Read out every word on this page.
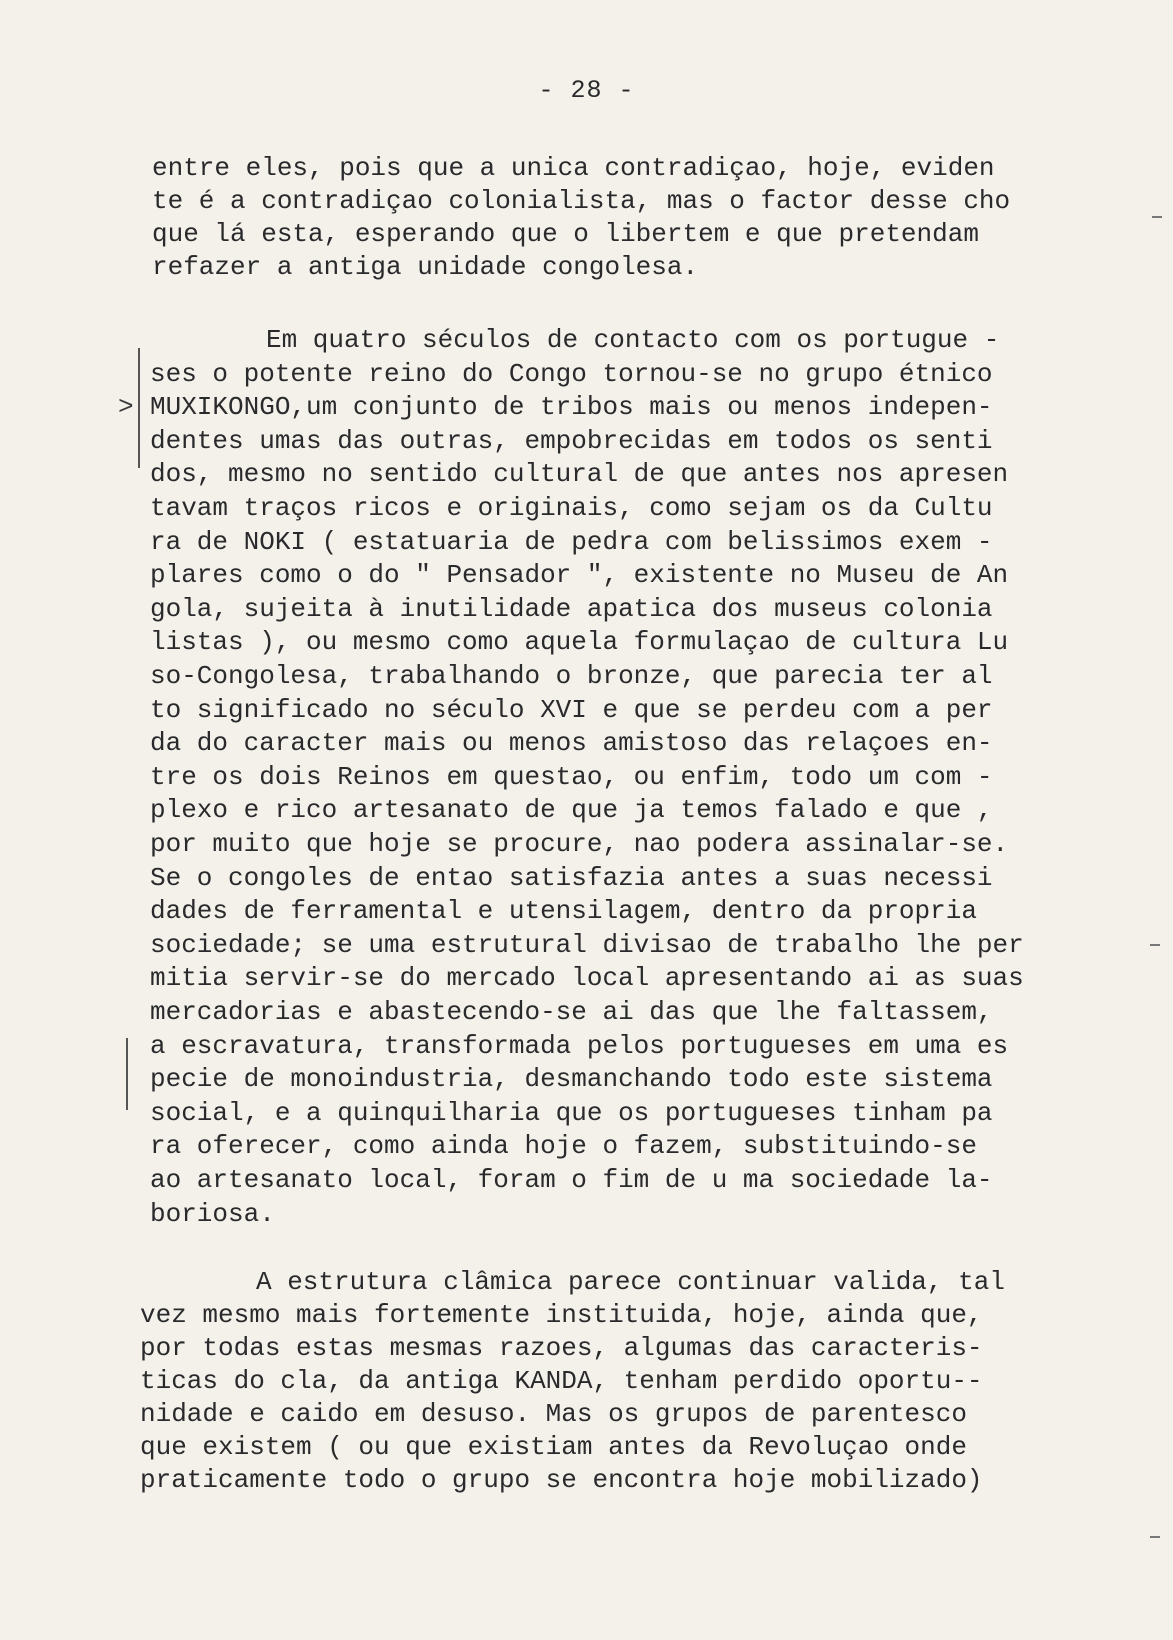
- 28 -
entre eles, pois que a unica contradiçao, hoje, eviden
te é a contradiçao colonialista, mas o factor desse cho
que lá esta, esperando que o libertem e que pretendam
refazer a antiga unidade congolesa.
Em quatro séculos de contacto com os portugue -
ses o potente reino do Congo tornou-se no grupo étnico
MUXIKONGO,um conjunto de tribos mais ou menos indepen-
dentes umas das outras, empobrecidas em todos os senti
dos, mesmo no sentido cultural de que antes nos apresen
tavam traços ricos e originais, como sejam os da Cultu
ra de NOKI ( estatuaria de pedra com belissimos exem -
plares como o do " Pensador ", existente no Museu de An
gola, sujeita à inutilidade apatica dos museus colonia
listas ), ou mesmo como aquela formulaçao de cultura Lu
so-Congolesa, trabalhando o bronze, que parecia ter al
to significado no século XVI e que se perdeu com a per
da do caracter mais ou menos amistoso das relaçoes en-
tre os dois Reinos em questao, ou enfim, todo um com -
plexo e rico artesanato de que ja temos falado e que ,
por muito que hoje se procure, nao podera assinalar-se.
Se o congoles de entao satisfazia antes a suas necessi
dades de ferramental e utensilagem, dentro da propria
sociedade; se uma estrutural divisao de trabalho lhe per
mitia servir-se do mercado local apresentando ai as suas
mercadorias e abastecendo-se ai das que lhe faltassem,
a escravatura, transformada pelos portugueses em uma es
pecie de monoindustria, desmanchando todo este sistema
social, e a quinquilharia que os portugueses tinham pa
ra oferecer, como ainda hoje o fazem, substituindo-se
ao artesanato local, foram o fim de u ma sociedade la-
boriosa.
A estrutura clâmica parece continuar valida, tal
vez mesmo mais fortemente instituida, hoje, ainda que,
por todas estas mesmas razoes, algumas das caracteris-
ticas do cla, da antiga KANDA, tenham perdido oportu--
nidade e caido em desuso. Mas os grupos de parentesco
que existem ( ou que existiam antes da Revoluçao onde
praticamente todo o grupo se encontra hoje mobilizado)
>
